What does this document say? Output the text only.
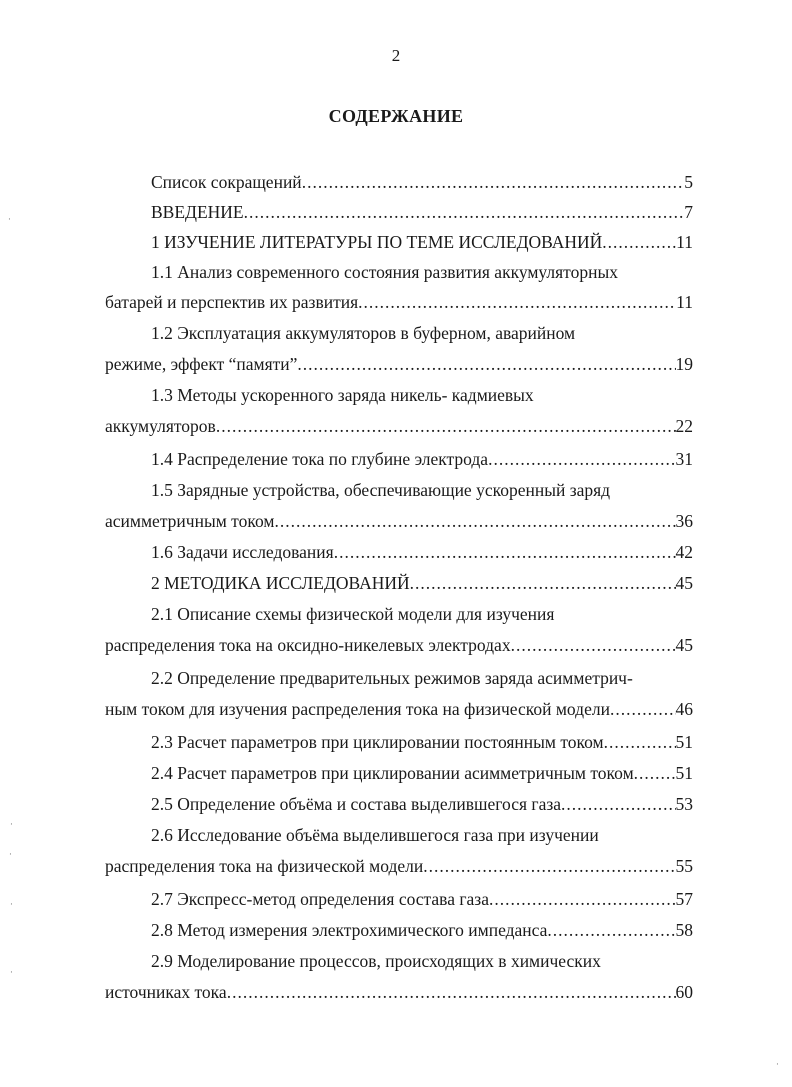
2
СОДЕРЖАНИЕ
Список сокращений .....	5
ВВЕДЕНИЕ .....	7
1 ИЗУЧЕНИЕ ЛИТЕРАТУРЫ ПО ТЕМЕ ИССЛЕДОВАНИЙ .....	11
1.1 Анализ современного состояния развития аккумуляторных
батарей и перспектив их развития .....	11
1.2 Эксплуатация аккумуляторов в буферном, аварийном
режиме, эффект “памяти” .....	19
1.3 Методы ускоренного заряда никель- кадмиевых
аккумуляторов .....	22
1.4 Распределение тока по глубине электрода .....	31
1.5 Зарядные устройства, обеспечивающие ускоренный заряд
асимметричным током .....	36
1.6 Задачи исследования .....	42
2 МЕТОДИКА ИССЛЕДОВАНИЙ .....	45
2.1 Описание схемы физической модели для изучения
распределения тока на оксидно-никелевых электродах .....	45
2.2 Определение предварительных режимов заряда асимметрич-
ным током для изучения распределения тока на физической модели .....	46
2.3 Расчет параметров при циклировании постоянным током .....	51
2.4 Расчет параметров при циклировании асимметричным током ..... 51
2.5 Определение объёма и состава выделившегося газа .....	53
2.6 Исследование объёма выделившегося газа при изучении
распределения тока на физической модели .....	55
2.7 Экспресс-метод определения состава газа .....	57
2.8 Метод измерения электрохимического импеданса .....	58
2.9 Моделирование процессов, происходящих в химических
источниках тока .....	60
·
·
·
·
·
·
